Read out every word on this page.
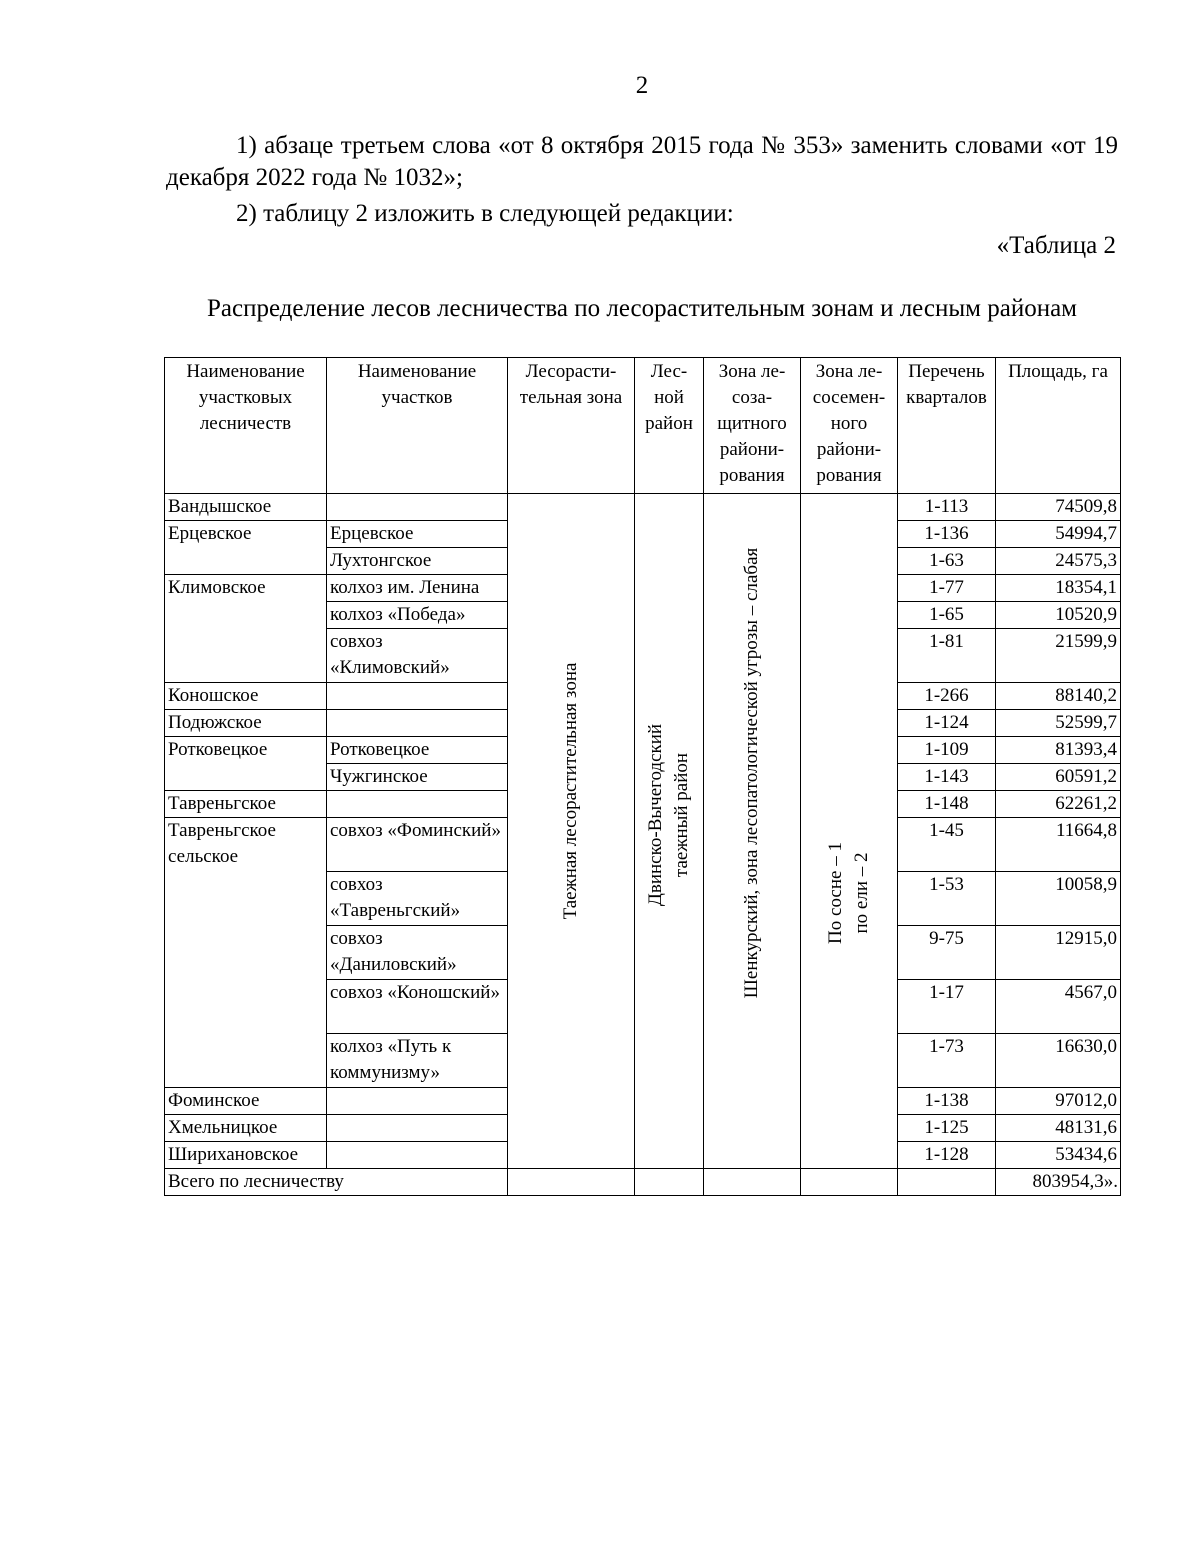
2
1) абзаце третьем слова «от 8 октября 2015 года № 353» заменить словами «от 19 декабря 2022 года № 1032»;
2) таблицу 2 изложить в следующей редакции:
«Таблица 2
Распределение лесов лесничества по лесорастительным зонам и лесным районам
Наименование участковых лесничеств	Наименование участков	Лесорасти-тельная зона	Лес-ной район	Зона ле-соза-щитного райони-рования	Зона ле-сосемен-ного райони-рования	Перечень кварталов	Площадь, га
Вандышское		Таежная лесорастительная зона	Двинско-Вычегодский таежный район	Шенкурский, зона лесопатологической угрозы – слабая	По сосне – 1 по ели – 2	1-113	74509,8
Ерцевское	Ерцевское					1-136	54994,7
	Лухтонгское					1-63	24575,3
Климовское	колхоз им. Ленина					1-77	18354,1
	колхоз «Победа»					1-65	10520,9
	совхоз «Климовский»					1-81	21599,9
Коношское						1-266	88140,2
Подюжское						1-124	52599,7
Ротковецкое	Ротковецкое					1-109	81393,4
	Чужгинское					1-143	60591,2
Тавреньгское						1-148	62261,2
Тавреньгское сельское	совхоз «Фоминский»					1-45	11664,8
	совхоз «Тавреньгский»					1-53	10058,9
	совхоз «Даниловский»					9-75	12915,0
	совхоз «Коношский»					1-17	4567,0
	колхоз «Путь к коммунизму»					1-73	16630,0
Фоминское						1-138	97012,0
Хмельницкое						1-125	48131,6
Шириханoвское						1-128	53434,6
Всего по лесничеству							803954,3».
